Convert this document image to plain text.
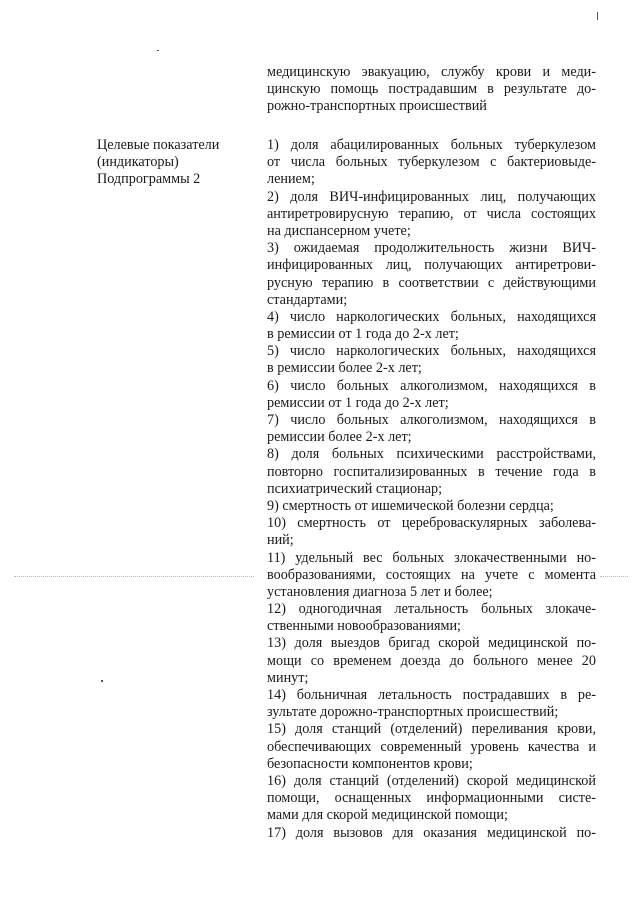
медицинскую эвакуацию, службу крови и меди-
цинскую помощь пострадавшим в результате до-
рожно-транспортных происшествий
Целевые показатели
(индикаторы)
Подпрограммы 2
1) доля абацилированных больных туберкулезом
от числа больных туберкулезом с бактериовыде-
лением;
2) доля ВИЧ-инфицированных лиц, получающих
антиретровирусную терапию, от числа состоящих
на диспансерном учете;
3) ожидаемая продолжительность жизни ВИЧ-
инфицированных лиц, получающих антиретрови-
русную терапию в соответствии с действующими
стандартами;
4) число наркологических больных, находящихся
в ремиссии от 1 года до 2-х лет;
5) число наркологических больных, находящихся
в ремиссии более 2-х лет;
6) число больных алкоголизмом, находящихся в
ремиссии от 1 года до 2-х лет;
7) число больных алкоголизмом, находящихся в
ремиссии более 2-х лет;
8) доля больных психическими расстройствами,
повторно госпитализированных в течение года в
психиатрический стационар;
9) смертность от ишемической болезни сердца;
10) смертность от цереброваскулярных заболева-
ний;
11) удельный вес больных злокачественными но-
вообразованиями, состоящих на учете с момента
установления диагноза 5 лет и более;
12) одногодичная летальность больных злокаче-
ственными новообразованиями;
13) доля выездов бригад скорой медицинской по-
мощи со временем доезда до больного менее 20
минут;
14) больничная летальность пострадавших в ре-
зультате дорожно-транспортных происшествий;
15) доля станций (отделений) переливания крови,
обеспечивающих современный уровень качества и
безопасности компонентов крови;
16) доля станций (отделений) скорой медицинской
помощи, оснащенных информационными систе-
мами для скорой медицинской помощи;
17) доля вызовов для оказания медицинской по-
